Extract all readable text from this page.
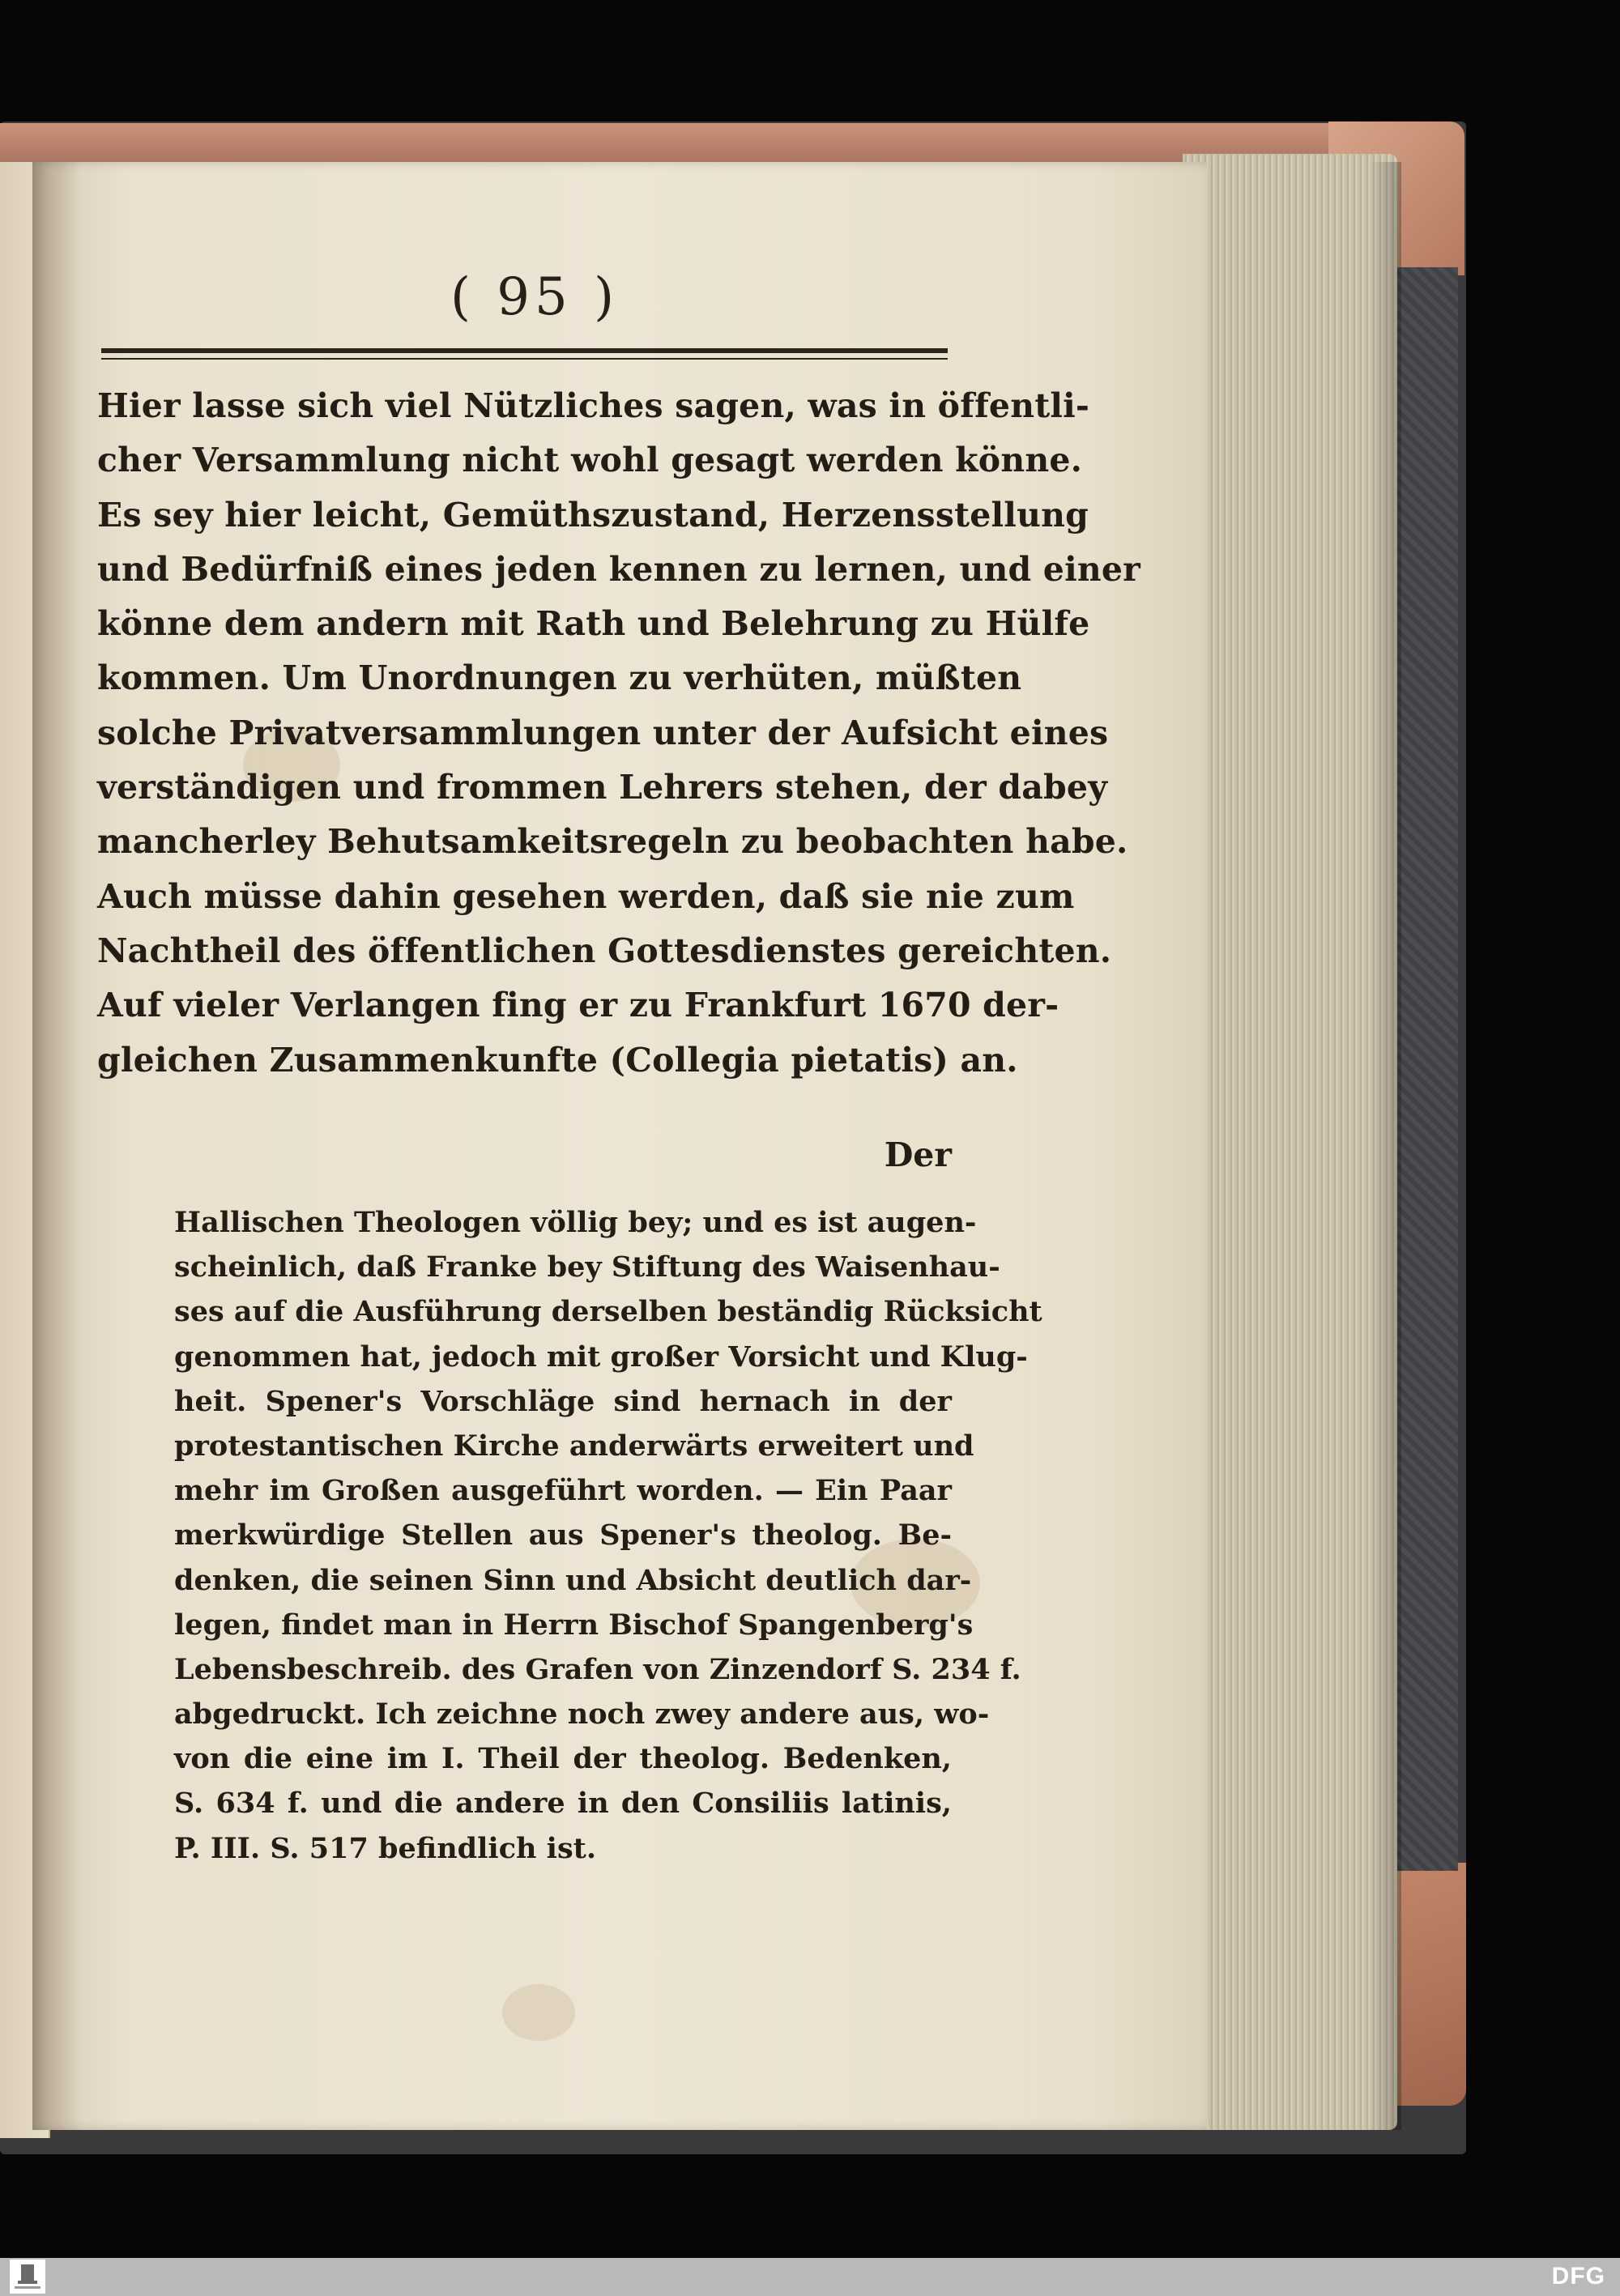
( 95 )
Hier lasse sich viel Nützliches sagen, was in öffentli-
cher Versammlung nicht wohl gesagt werden könne.
Es sey hier leicht, Gemüthszustand, Herzensstellung
und Bedürfniß eines jeden kennen zu lernen, und einer
könne dem andern mit Rath und Belehrung zu Hülfe
kommen. Um Unordnungen zu verhüten, müßten
solche Privatversammlungen unter der Aufsicht eines
verständigen und frommen Lehrers stehen, der dabey
mancherley Behutsamkeitsregeln zu beobachten habe.
Auch müsse dahin gesehen werden, daß sie nie zum
Nachtheil des öffentlichen Gottesdienstes gereichten.
Auf vieler Verlangen fing er zu Frankfurt 1670 der-
gleichen Zusammenkunfte (Collegia pietatis) an.
Der
Hallischen Theologen völlig bey; und es ist augen-
scheinlich, daß Franke bey Stiftung des Waisenhau-
ses auf die Ausführung derselben beständig Rücksicht
genommen hat, jedoch mit großer Vorsicht und Klug-
heit. Spener's Vorschläge sind hernach in der
protestantischen Kirche anderwärts erweitert und
mehr im Großen ausgeführt worden. — Ein Paar
merkwürdige Stellen aus Spener's theolog. Be-
denken, die seinen Sinn und Absicht deutlich dar-
legen, findet man in Herrn Bischof Spangenberg's
Lebensbeschreib. des Grafen von Zinzendorf S. 234 f.
abgedruckt. Ich zeichne noch zwey andere aus, wo-
von die eine im I. Theil der theolog. Bedenken,
S. 634 f. und die andere in den Consiliis latinis,
P. III. S. 517 befindlich ist.
DFG
